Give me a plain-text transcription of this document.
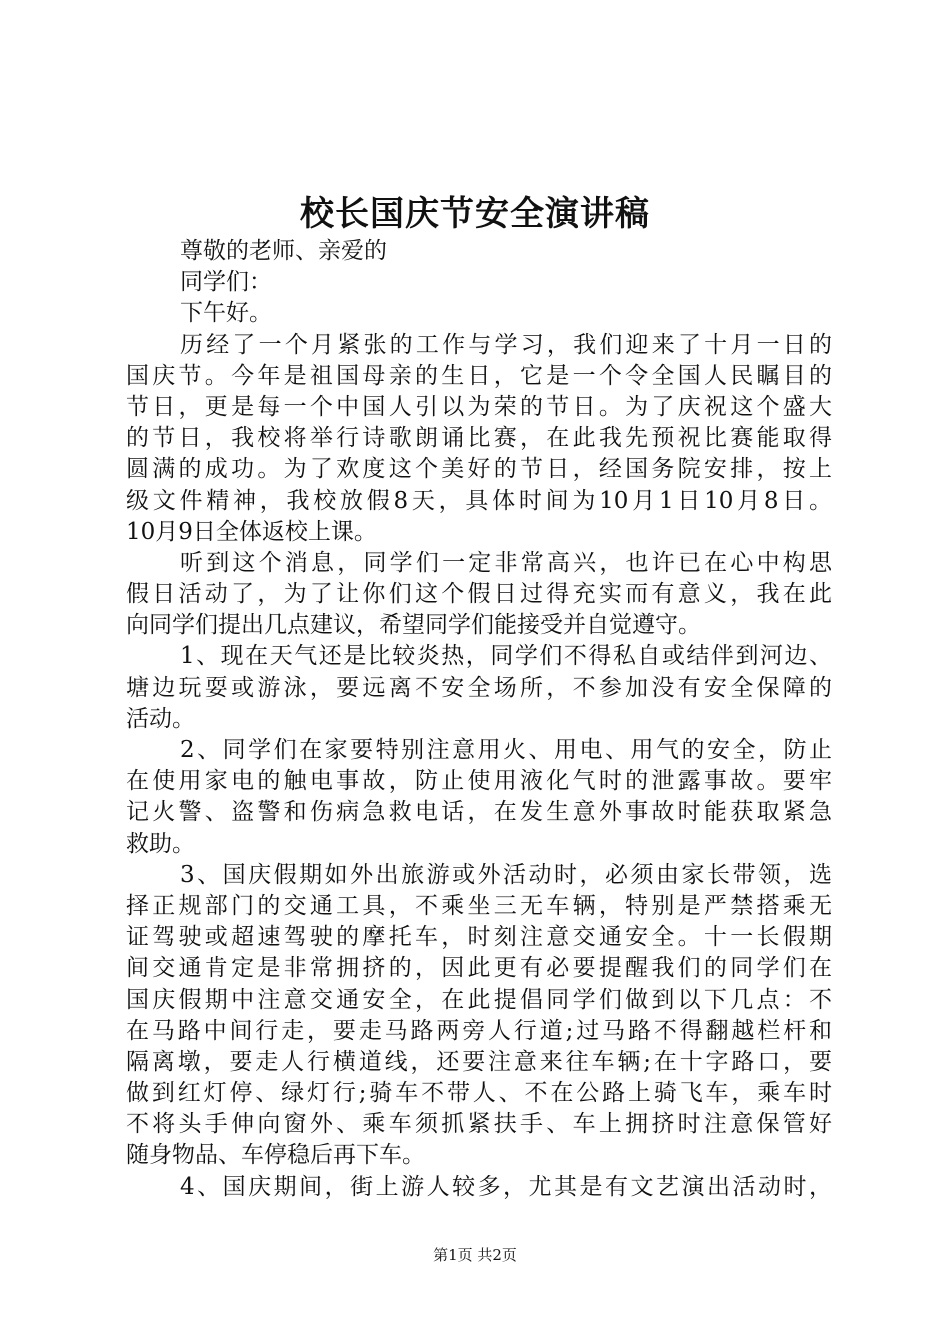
校长国庆节安全演讲稿

尊敬的老师、亲爱的

同学们：

下午好。

历经了一个月紧张的工作与学习，我们迎来了十月一日的

国庆节。今年是祖国母亲的生日，它是一个令全国人民瞩目的

节日，更是每一个中国人引以为荣的节日。为了庆祝这个盛大

的节日，我校将举行诗歌朗诵比赛，在此我先预祝比赛能取得

圆满的成功。为了欢度这个美好的节日，经国务院安排，按上

级文件精神，我校放假8天，具体时间为10月1日10月8日。

10月9日全体返校上课。

听到这个消息，同学们一定非常高兴，也许已在心中构思

假日活动了，为了让你们这个假日过得充实而有意义，我在此

向同学们提出几点建议，希望同学们能接受并自觉遵守。

1、现在天气还是比较炎热，同学们不得私自或结伴到河边、

塘边玩耍或游泳，要远离不安全场所，不参加没有安全保障的

活动。

2、同学们在家要特别注意用火、用电、用气的安全，防止

在使用家电的触电事故，防止使用液化气时的泄露事故。要牢

记火警、盗警和伤病急救电话，在发生意外事故时能获取紧急

救助。

3、国庆假期如外出旅游或外活动时，必须由家长带领，选

择正规部门的交通工具，不乘坐三无车辆，特别是严禁搭乘无

证驾驶或超速驾驶的摩托车，时刻注意交通安全。十一长假期

间交通肯定是非常拥挤的，因此更有必要提醒我们的同学们在

国庆假期中注意交通安全，在此提倡同学们做到以下几点：不

在马路中间行走，要走马路两旁人行道;过马路不得翻越栏杆和

隔离墩，要走人行横道线，还要注意来往车辆;在十字路口，要

做到红灯停、绿灯行;骑车不带人、不在公路上骑飞车，乘车时

不将头手伸向窗外、乘车须抓紧扶手、车上拥挤时注意保管好

随身物品、车停稳后再下车。

4、国庆期间，街上游人较多，尤其是有文艺演出活动时，

第1页 共2页
